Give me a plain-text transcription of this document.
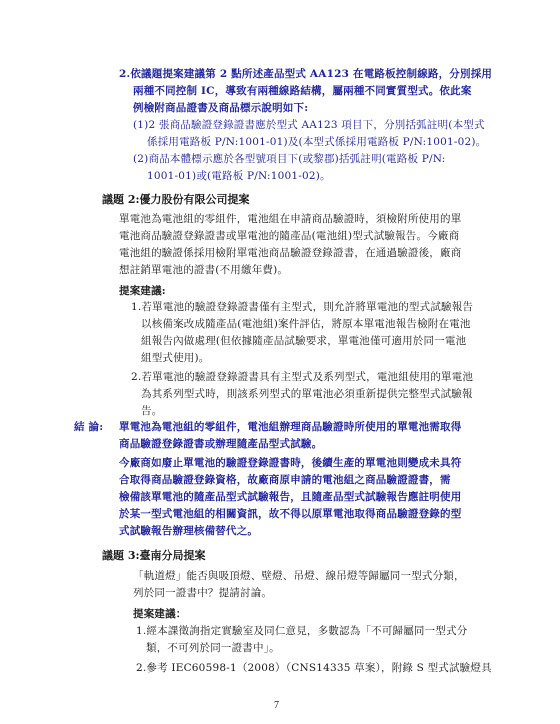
2.依議題提案建議第 2 點所述產品型式 AA123 在電路板控制線路，分別採用
兩種不同控制 IC，導致有兩種線路結構，屬兩種不同實質型式。依此案
例檢附商品證書及商品標示說明如下:
(1)2 張商品驗證登錄證書應於型式 AA123 項目下，分別括弧註明(本型式
係採用電路板 P/N:1001-01)及(本型式係採用電路板 P/N:1001-02)。
(2)商品本體標示應於各型號項目下(或黎郡)括弧註明(電路板 P/N:
1001-01)或(電路板 P/N:1001-02)。
議題 2:優力股份有限公司提案
單電池為電池組的零組件，電池組在申請商品驗證時，須檢附所使用的單
電池商品驗證登錄證書或單電池的隨產品(電池組)型式試驗報告。今廠商
電池組的驗證係採用檢附單電池商品驗證登錄證書，在通過驗證後，廠商
想註銷單電池的證書(不用繳年費)。
提案建議:
1.若單電池的驗證登錄證書僅有主型式，則允許將單電池的型式試驗報告
以核備案改成隨產品(電池組)案件評估，將原本單電池報告檢附在電池
組報告內做處理(但依據隨產品試驗要求，單電池僅可適用於同一電池
組型式使用)。
2.若單電池的驗證登錄證書具有主型式及系列型式，電池組使用的單電池
為其系列型式時，則該系列型式的單電池必須重新提供完整型式試驗報
告。
結 論: 單電池為電池組的零組件，電池組辦理商品驗證時所使用的單電池需取得
商品驗證登錄證書或辦理隨產品型式試驗。
今廠商如廢止單電池的驗證登錄證書時，後續生產的單電池則變成未具符
合取得商品驗證登錄資格，故廠商原申請的電池組之商品驗證證書，需
檢備該單電池的隨產品型式試驗報告，且隨產品型式試驗報告應註明使用
於某一型式電池組的相關資訊，故不得以原單電池取得商品驗證登錄的型
式試驗報告辦理核備替代之。
議題 3:臺南分局提案
「軌道燈」能否與吸頂燈、壁燈、吊燈、線吊燈等歸屬同一型式分類，
列於同一證書中？提請討論。
提案建議：
1.經本課徵詢指定實驗室及同仁意見，多數認為「不可歸屬同一型式分
類，不可列於同一證書中」。
2.參考 IEC60598-1（2008）（CNS14335 草案），附錄 S 型式試驗燈具
7
